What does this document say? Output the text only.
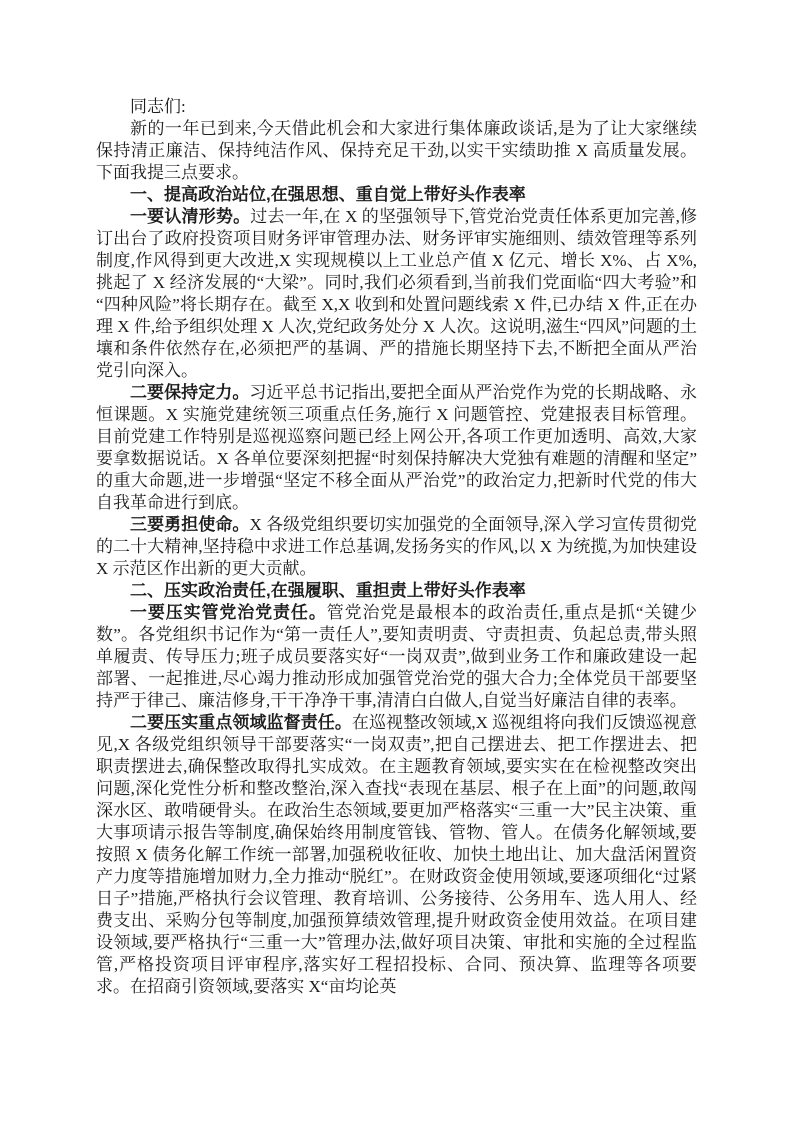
同志们:

新的一年已到来,今天借此机会和大家进行集体廉政谈话,是为了让大家继续保持清正廉洁、保持纯洁作风、保持充足干劲,以实干实绩助推 X 高质量发展。下面我提三点要求。

一、提高政治站位,在强思想、重自觉上带好头作表率

一要认清形势。过去一年,在 X 的坚强领导下,管党治党责任体系更加完善,修订出台了政府投资项目财务评审管理办法、财务评审实施细则、绩效管理等系列制度,作风得到更大改进,X 实现规模以上工业总产值 X 亿元、增长 X%、占 X%,挑起了 X 经济发展的“大梁”。同时,我们必须看到,当前我们党面临“四大考验”和“四种风险”将长期存在。截至 X,X 收到和处置问题线索 X 件,已办结 X 件,正在办理 X 件,给予组织处理 X 人次,党纪政务处分 X 人次。这说明,滋生“四风”问题的土壤和条件依然存在,必须把严的基调、严的措施长期坚持下去,不断把全面从严治党引向深入。

二要保持定力。习近平总书记指出,要把全面从严治党作为党的长期战略、永恒课题。X 实施党建统领三项重点任务,施行 X 问题管控、党建报表目标管理。目前党建工作特别是巡视巡察问题已经上网公开,各项工作更加透明、高效,大家要拿数据说话。X 各单位要深刻把握“时刻保持解决大党独有难题的清醒和坚定”的重大命题,进一步增强“坚定不移全面从严治党”的政治定力,把新时代党的伟大自我革命进行到底。

三要勇担使命。X 各级党组织要切实加强党的全面领导,深入学习宣传贯彻党的二十大精神,坚持稳中求进工作总基调,发扬务实的作风,以 X 为统揽,为加快建设 X 示范区作出新的更大贡献。

二、压实政治责任,在强履职、重担责上带好头作表率

一要压实管党治党责任。管党治党是最根本的政治责任,重点是抓“关键少数”。各党组织书记作为“第一责任人”,要知责明责、守责担责、负起总责,带头照单履责、传导压力;班子成员要落实好“一岗双责”,做到业务工作和廉政建设一起部署、一起推进,尽心竭力推动形成加强管党治党的强大合力;全体党员干部要坚持严于律己、廉洁修身,干干净净干事,清清白白做人,自觉当好廉洁自律的表率。

二要压实重点领域监督责任。在巡视整改领域,X 巡视组将向我们反馈巡视意见,X 各级党组织领导干部要落实“一岗双责”,把自己摆进去、把工作摆进去、把职责摆进去,确保整改取得扎实成效。在主题教育领域,要实实在在检视整改突出问题,深化党性分析和整改整治,深入查找“表现在基层、根子在上面”的问题,敢闯深水区、敢啃硬骨头。在政治生态领域,要更加严格落实“三重一大”民主决策、重大事项请示报告等制度,确保始终用制度管钱、管物、管人。在债务化解领域,要按照 X 债务化解工作统一部署,加强税收征收、加快土地出让、加大盘活闲置资产力度等措施增加财力,全力推动“脱红”。在财政资金使用领域,要逐项细化“过紧日子”措施,严格执行会议管理、教育培训、公务接待、公务用车、选人用人、经费支出、采购分包等制度,加强预算绩效管理,提升财政资金使用效益。在项目建设领域,要严格执行“三重一大”管理办法,做好项目决策、审批和实施的全过程监管,严格投资项目评审程序,落实好工程招投标、合同、预决算、监理等各项要求。在招商引资领域,要落实 X“亩均论英
